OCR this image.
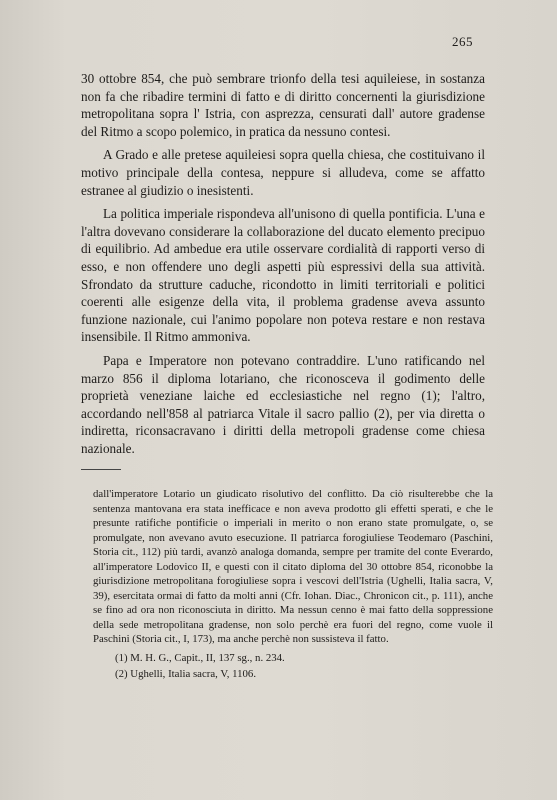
265

30 ottobre 854, che può sembrare trionfo della tesi aquileiese, in sostanza non fa che ribadire termini di fatto e di diritto concernenti la giurisdizione metropolitana sopra l' Istria, con asprezza, censurati dall' autore gradense del Ritmo a scopo polemico, in pratica da nessuno contesi.

A Grado e alle pretese aquileiesi sopra quella chiesa, che costituivano il motivo principale della contesa, neppure si alludeva, come se affatto estranee al giudizio o inesistenti.

La politica imperiale rispondeva all'unisono di quella pontificia. L'una e l'altra dovevano considerare la collaborazione del ducato elemento precipuo di equilibrio. Ad ambedue era utile osservare cordialità di rapporti verso di esso, e non offendere uno degli aspetti più espressivi della sua attività. Sfrondato da strutture caduche, ricondotto in limiti territoriali e politici coerenti alle esigenze della vita, il problema gradense aveva assunto funzione nazionale, cui l'animo popolare non poteva restare e non restava insensibile. Il Ritmo ammoniva.

Papa e Imperatore non potevano contraddire. L'uno ratificando nel marzo 856 il diploma lotariano, che riconosceva il godimento delle proprietà veneziane laiche ed ecclesiastiche nel regno (1); l'altro, accordando nell'858 al patriarca Vitale il sacro pallio (2), per via diretta o indiretta, riconsacravano i diritti della metropoli gradense come chiesa nazionale.

dall'imperatore Lotario un giudicato risolutivo del conflitto. Da ciò risulterebbe che la sentenza mantovana era stata inefficace e non aveva prodotto gli effetti sperati, e che le presunte ratifiche pontificie o imperiali in merito o non erano state promulgate, o, se promulgate, non avevano avuto esecuzione. Il patriarca forogiuliese Teodemaro (Paschini, Storia cit., 112) più tardi, avanzò analoga domanda, sempre per tramite del conte Everardo, all'imperatore Lodovico II, e questi con il citato diploma del 30 ottobre 854, riconobbe la giurisdizione metropolitana forogiuliese sopra i vescovi dell'Istria (Ughelli, Italia sacra, V, 39), esercitata ormai di fatto da molti anni (Cfr. Iohan. Diac., Chronicon cit., p. 111), anche se fino ad ora non riconosciuta in diritto. Ma nessun cenno è mai fatto della soppressione della sede metropolitana gradense, non solo perchè era fuori del regno, come vuole il Paschini (Storia cit., I, 173), ma anche perchè non sussisteva il fatto.

(1) M. H. G., Capit., II, 137 sg., n. 234.

(2) Ughelli, Italia sacra, V, 1106.
